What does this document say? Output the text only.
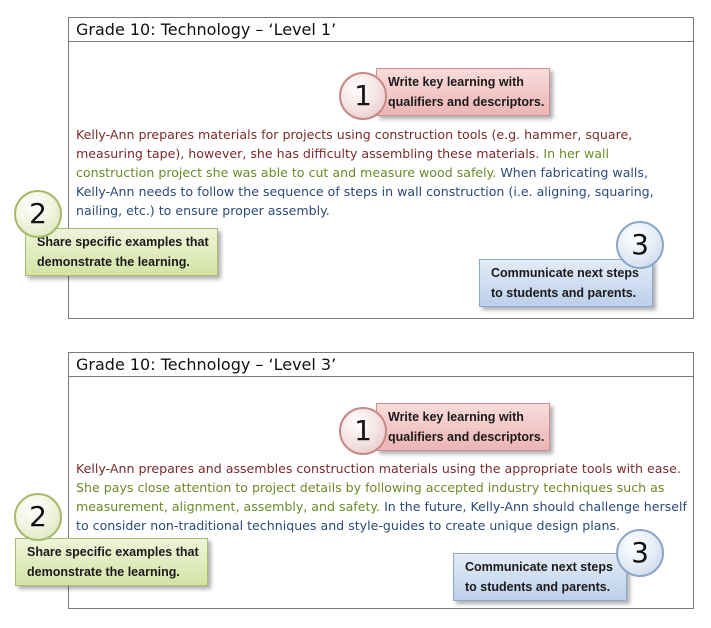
Grade 10: Technology – ‘Level 1’

Kelly-Ann prepares materials for projects using construction tools (e.g. hammer, square, measuring tape), however, she has difficulty assembling these materials. In her wall construction project she was able to cut and measure wood safely. When fabricating walls, Kelly-Ann needs to follow the sequence of steps in wall construction (i.e. aligning, squaring, nailing, etc.) to ensure proper assembly.

Write key learning with
qualifiers and descriptors.
1
Share specific examples that
demonstrate the learning.
2
Communicate next steps
to students and parents.
3
Grade 10: Technology – ‘Level 3’

Kelly-Ann prepares and assembles construction materials using the appropriate tools with ease. She pays close attention to project details by following accepted industry techniques such as measurement, alignment, assembly, and safety. In the future, Kelly-Ann should challenge herself to consider non-traditional techniques and style-guides to create unique design plans.

Write key learning with
qualifiers and descriptors.
1
Share specific examples that
demonstrate the learning.
2
Communicate next steps
to students and parents.
3
